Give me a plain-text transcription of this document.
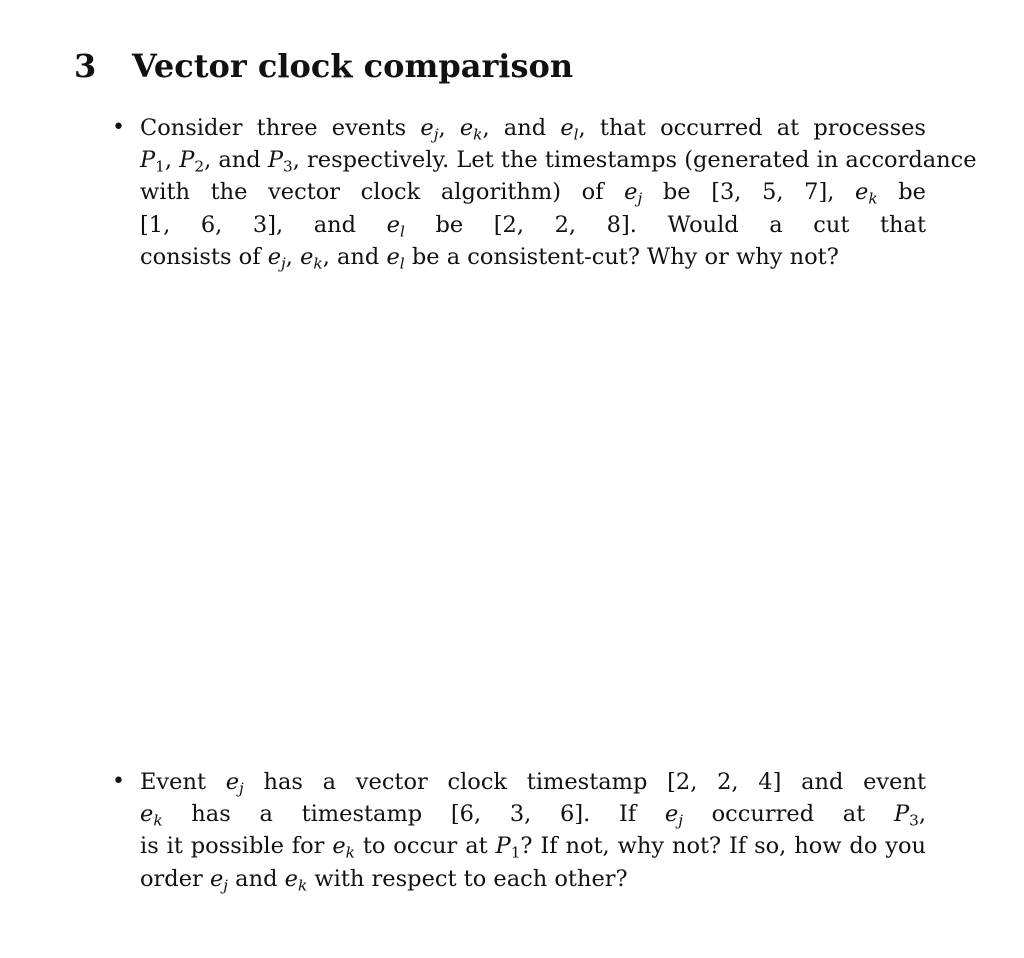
3 Vector clock comparison
• Consider three events $e_j$, $e_k$, and $e_l$, that occurred at processes
$P_1$, $P_2$, and $P_3$, respectively. Let the timestamps (generated in accordance
with the vector clock algorithm) of $e_j$ be [3, 5, 7], $e_k$ be
[1, 6, 3], and $e_l$ be [2, 2, 8]. Would a cut that
consists of $e_j$, $e_k$, and $e_l$ be a consistent-cut? Why or why not?
• Event $e_j$ has a vector clock timestamp [2, 2, 4] and event
$e_k$ has a timestamp [6, 3, 6]. If $e_j$ occurred at $P_3$,
is it possible for $e_k$ to occur at $P_1$? If not, why not? If so, how do you
order $e_j$ and $e_k$ with respect to each other?
